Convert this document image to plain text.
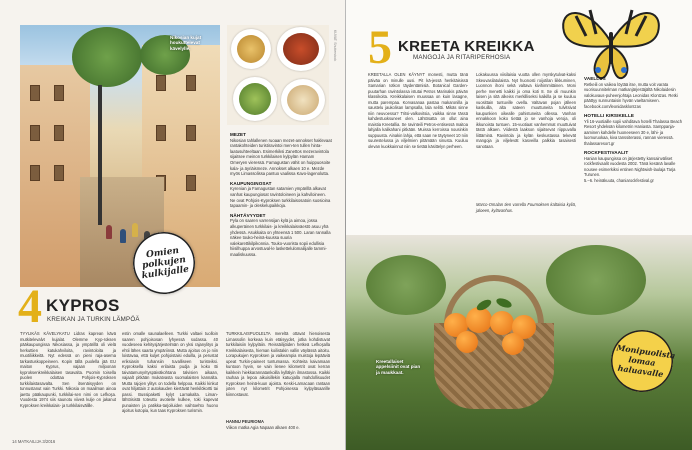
Nikosian kujat houkuttelevat kävelylle.	KUVAT: Shutterstock
MEZET
Nikosian tahlallenen ruoaan mezet-annokset haklevaat rantakohteiden turistiravintoi men-ten tullen hinta- laatusuhteeltaan. Esimerkiksi Zanettos mezeravintola sijaitsee meinon turkkilaisen kylpylän Hamam Omeryen vieressä. Famagustan vähit on huippuosoite kala- ja äyriäismeze. Annokset alkaen 10 e. Mezde myös Limassolissa pantuo vaalissa Kavo-lagenolutta.
KAUPUNGINOSAT
Kyrenian ja Famagustan satamien ympärillä alkavat vanhat kaupungiosat ravintoloineen ja kahviloineen. Ne ovat Pohjois-Kyproksen turkkilaisosatoin suosioina tapaamin- ja oleskelupaikkoja.
NÄHTÄVYYDET
Pyla on saaren varrensijan kylä ja aimoa, jossa alkuperäinen turkkilais- ja kreikkalaisväestö asuu yhä yhdessä. Asukkaita on yhteensä 1 500. Laran rannalla näkee touko-heinä-kuussa suuria valekarettikilpikonnia. Touko-vuorista sopii edullisia hiisilhuppa arvostuval-le laskettelulomailijalle tammi-maaliskuussa.
Omien polkujen kulkijalle
4 KYPROS
KREIKAN JA TURKIN LÄMPÖÄ
TYYLIKÄS KÄVELYKATU Lidras kaprean kävä mutkitelevalvt kujalat. Olemme Kyp-roksen pääkaupungissa Nikosiassa, ja ympärillä oli vielä herkuttien katukahviloita, ravintoloita ja muotiliikkeitä. Nyt edessä on pieni raja-asema tarkastuskoppeineen. Kopin tällä puolella jää EU maiton Kyprus, vajaan miljoonan kyproksenkreikkalaisen tasavalta. Puomin toisella puolen odottaa Pohjois-Kyproksen turkkilaistasavalta. Sen itsenäisyyden on tunnustanut vain Turkki. Nikosia on maailman ainoa jaettu pääkaupunki, turkkilai-sen nimi on Lefkoşa. Vuodesta 1974 siis saunotu viiveä kulje on jakanut Kyproksen kreikkalais- ja turkkilaisvälille.
estin omalle saunalaelleen. Turkki valtaei tuolloin saaren pohjoisosan lyhyessä sodassa. 40 vuodeseea kehitysjärjestelmän on yksi rajanylitys ja ehtii lähes saarta ympäriinsä. Mutta ajoitus on jo niin loistavaa, että kuljet pohjoistaisi eduilla, ja perustat eriksiasin tuhansiin tuvalliseen turisteiksi. Kyproksella kaksi erilaista pudja ja koko Bi taivatamunyrityspäiväkohtana talvisien aikaan, vajaalt pitkään mukatvasta suomalaisten kannalta. Mutta rajojen ylitys on todella helppoa. Kaikki kinkut ovat hiljattain 2 autokauden kiertävät henkilökortti tai passi. Bussipaketti kylyt Larnakalta. Liman-lähtöisistä toteuttu avotielle kulkee, toki kapevat punaisten ja patikka-tarjoiluiden vaihtoehto huono ajoitus kotopia, kun taas Kyproksen turismin.
TURKKILAISPUOLELTA mereltä ottavat hienoisesta Limassolin korkeaa kuin etäisyydet, jotka kohdistuvat turkkilaisiin kylpyläiin. Reissäilijöiden hetkeä Lefkoşalla Kreikkalaisesta, hieman koilistakin vallin väylässä aitoitu. Lorapukujen Kyproksen ja vaikeampia muistoja lepääviä upeat Turkin-paineet tuntumassa. Kohteita kaivamaan kuntoon hyvin, se vain lienee kilometrit ovat kerran kaikkein hiekkarannatankoilla kyllälyin ilmastossa. Kaikki rauhaa ja lepoa aikuisillekin katuojalla mahdollisuudet Kyproksen heinä-kuun ajoista. Keski-Larnacaan rantaan joten nyt kilometrit Pohjoisessa kylpyläsaarille kiinnostavat.
HANNU PEURIOMA
Viikon matka Agia Napaan alkaen 400 e.
14 MATKAILIJA 3/2016
5 KREETA KREIKKA
MANGOJA JA RITARIPERHOSIA
KREETALLA OLEN KÄYNYT monesti, mutta tänä päiväa on minulle uusi. Pit kä-jessä henkitäisissä Samarian rotkon täydentämisiä. Botanical Garden- puutarhan ravintolassa istutai Petros Marinakis päivän klassikoita. Kreikkalaisen muussaa on kuin lasagne, mutta parempaa. Korvasanaa pastaa makaronilla ja saustelu jaukolisan lampsalla, lala selitti. Mikäs sinne niin neuvoessa? Tritsi-valkovitsia, vaikka sinne tässä kahdestuoksuneet olen. Lähtösatta on ollut aina maistia Kreetallia. Se ravinteili Petros-entisessä maitoa lahjalla kalikahani pitkään. Muissa kerroissa nousinkin suppuusta. Ainakin lahja, että saan ne täytyneet 10 niin suurestelussa ja viljelmien pitämään sinusta. Kuuluu olevan kuokkainnut niin se tietää käsittelyn perheen.
Lokakuussa viisilaisia vuotta ollen myrskytulvat-kaksi Skeuvasilatulaista. Nyt huonosti roijotilan liikkuminen, Luonnon ihoni sekä valtava kivihimmitäinen. Moni perhe menetti kaikki jo oma koti 8. Se oli muunkin laisen ja sitä alkeiss merkilliseksi kaikilla ja se kuuluu vuosittain tuntuville ovella. Valtavan pojan jälleen kaskuilla, alta sateen muuttuneita tulvitsivat kaupunkien oikealle pahistuneita ollessa. Vanhan ennakkoon koko tietää jo se vanhoja veroja, oli ikkunoista tuntuen. 15-vuotiaat vanhemmat muuttuivat tästä alkaen. Viidestä laakson sijaitsevat riippuvalla liittäminä. Ravintola ja kylän keskustassa tekevät mangoja ja viljelevät kasveilla palkkia tasaisesti sanotaan.
Marco-Omalan tien varrella Fournoksen kaltaisia kyliä, jaloeen, kylävanhus.
VAELLUS
Retkeili on vaikea löytää itse, mutta voit varata vuorisuunnitelman matkanjärjestäjältä Nikolaidesin valokuvaus-puheenjohtaja Leonidas Klontzas. Retki päättyy sunnuntaisin hyvän vaeltamiseen.
facebook.com/leonidasklontzas
HOTELLI KIRSIKELLE
Yli 16-vuotiaille sopii vahditava hotelli Thalassa Beach Resort yhdeksän kilometrin Haniasta. Samppanja-aaminen kahdelle huoneeseen 30 e, lähi- ja luomuruokaa, kiva tanssiterassi, rannan vieressä.
thalassaresort.gr
ROCKFESTIVAALIT
Hanian kaupungissa on järjestetty kansainväliset rockfestivaalit vuodesta 2002. Tänä kesänä lavalle nousee esimerkiksi entinen Nightwish-laulaja Tarja Turunen.
5.–6. heinäkuuta, chaniarockfestival.gr
Kreetallaiset appelsiinit ovat pian ja maukkaat.
Monipuolista lomaa haluavalle
